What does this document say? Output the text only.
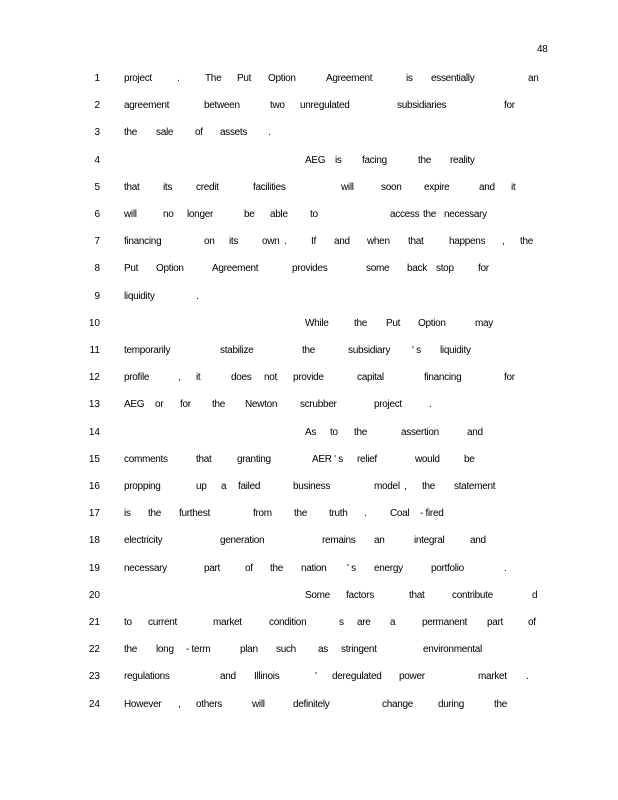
48
1 project	.	The Put Option	Agreement	is essentially	an
2 agreement	between	two unregulated	subsidiaries	for
3 the sale of assets .
4	AEG is facing	the reality
5 that its credit	facilities	will	soon expire	and it
6 will	no longer	be able to	access the necessary
7 financing	on its own . If and when that	happens , the
8 Put Option	Agreement	provides	some back stop for
9 liquidity	.
10	While	the Put Option	may
11 temporarily	stabilize	the	subsidiary ' s liquidity
12 profile	, it	does not provide	capital	financing	for
13 AEG or for the Newton scrubber	project	.
14	As to the	assertion	and
15 comments	that	granting	AER ' s relief	would be
16 propping	up a failed	business	model , the statement
17 is the furthest	from the truth . Coal - fired
18 electricity	generation	remains an	integral	and
19 necessary	part of the nation ' s energy	portfolio	.
20	Some factors	that	contribute	d
21 to current	market	condition	s are a	permanent part of
22 the long - term	plan such as stringent	environmental
23 regulations	and Illinois	' deregulated power	market .
24 However , others	will	definitely	change during	the
